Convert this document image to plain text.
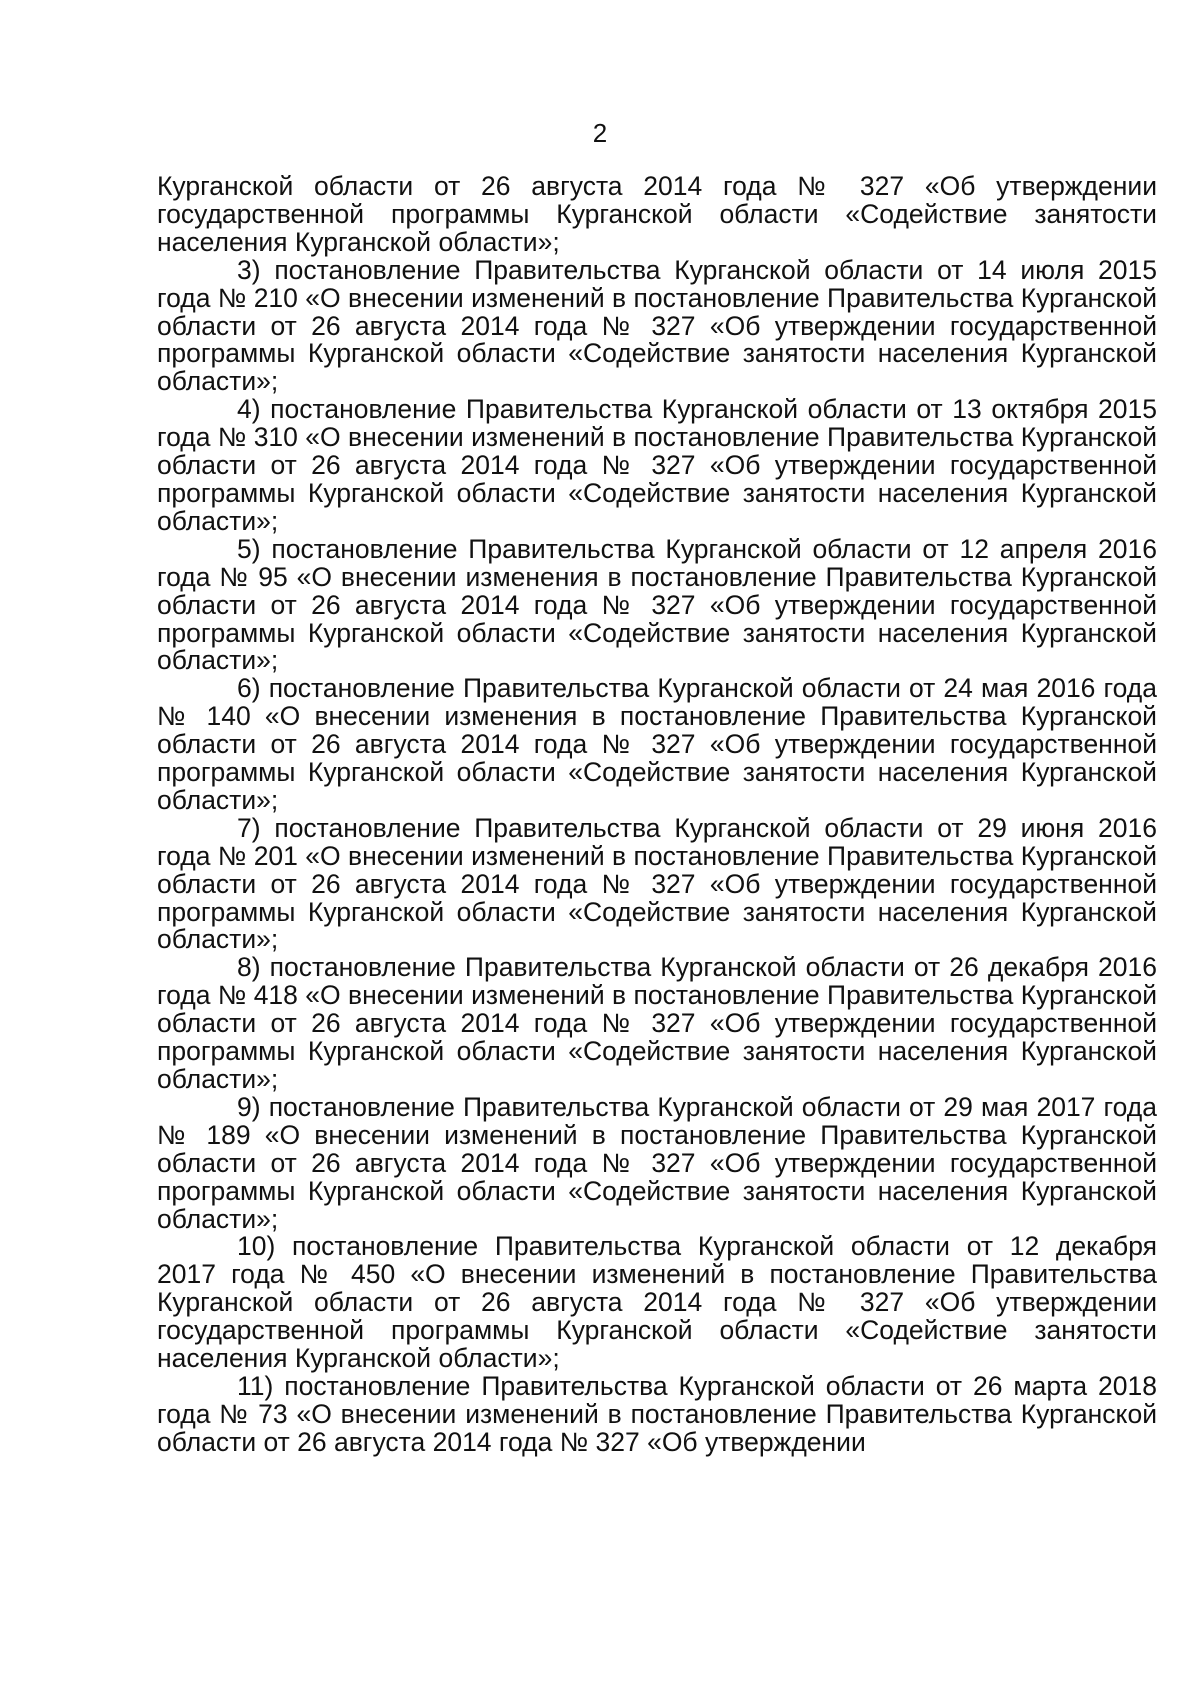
2

Курганской области от 26 августа 2014 года № 327 «Об утверждении государственной программы Курганской области «Содействие занятости населения Курганской области»;

3) постановление Правительства Курганской области от 14 июля 2015 года № 210 «О внесении изменений в постановление Правительства Курганской области от 26 августа 2014 года № 327 «Об утверждении государственной программы Курганской области «Содействие занятости населения Курганской области»;

4) постановление Правительства Курганской области от 13 октября 2015 года № 310 «О внесении изменений в постановление Правительства Курганской области от 26 августа 2014 года № 327 «Об утверждении государственной программы Курганской области «Содействие занятости населения Курганской области»;

5) постановление Правительства Курганской области от 12 апреля 2016 года № 95 «О внесении изменения в постановление Правительства Курганской области от 26 августа 2014 года № 327 «Об утверждении государственной программы Курганской области «Содействие занятости населения Курганской области»;

6) постановление Правительства Курганской области от 24 мая 2016 года № 140 «О внесении изменения в постановление Правительства Курганской области от 26 августа 2014 года № 327 «Об утверждении государственной программы Курганской области «Содействие занятости населения Курганской области»;

7) постановление Правительства Курганской области от 29 июня 2016 года № 201 «О внесении изменений в постановление Правительства Курганской области от 26 августа 2014 года № 327 «Об утверждении государственной программы Курганской области «Содействие занятости населения Курганской области»;

8) постановление Правительства Курганской области от 26 декабря 2016 года № 418 «О внесении изменений в постановление Правительства Курганской области от 26 августа 2014 года № 327 «Об утверждении государственной программы Курганской области «Содействие занятости населения Курганской области»;

9) постановление Правительства Курганской области от 29 мая 2017 года № 189 «О внесении изменений в постановление Правительства Курганской области от 26 августа 2014 года № 327 «Об утверждении государственной программы Курганской области «Содействие занятости населения Курганской области»;

10) постановление Правительства Курганской области от 12 декабря 2017 года № 450 «О внесении изменений в постановление Правительства Курганской области от 26 августа 2014 года № 327 «Об утверждении государственной программы Курганской области «Содействие занятости населения Курганской области»;

11) постановление Правительства Курганской области от 26 марта 2018 года № 73 «О внесении изменений в постановление Правительства Курганской области от 26 августа 2014 года № 327 «Об утверждении
